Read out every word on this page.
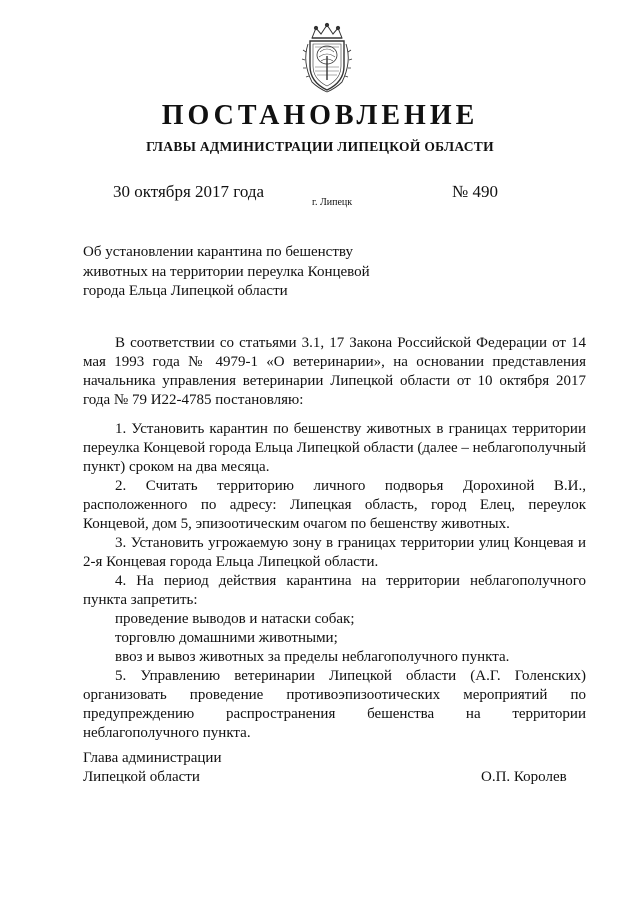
ПОСТАНОВЛЕНИЕ
ГЛАВЫ АДМИНИСТРАЦИИ ЛИПЕЦКОЙ ОБЛАСТИ
30 октября 2017 года
г. Липецк
№ 490
Об установлении карантина по бешенству
животных на территории переулка Концевой
города Ельца Липецкой области

В соответствии со статьями 3.1, 17 Закона Российской Федерации от 14 мая 1993 года № 4979-1 «О ветеринарии», на основании представления начальника управления ветеринарии Липецкой области от 10 октября 2017 года № 79 И22-4785 постановляю:

1. Установить карантин по бешенству животных в границах территории переулка Концевой города Ельца Липецкой области (далее – неблагополучный пункт) сроком на два месяца.

2. Считать территорию личного подворья Дорохиной В.И., расположенного по адресу: Липецкая область, город Елец, переулок Концевой, дом 5, эпизоотическим очагом по бешенству животных.

3. Установить угрожаемую зону в границах территории улиц Концевая и 2-я Концевая города Ельца Липецкой области.

4. На период действия карантина на территории неблагополучного пункта запретить:

проведение выводов и натаски собак;

торговлю домашними животными;

ввоз и вывоз животных за пределы неблагополучного пункта.

5. Управлению ветеринарии Липецкой области (А.Г. Голенских) организовать проведение противоэпизоотических мероприятий по предупреждению распространения бешенства на территории неблагополучного пункта.

Глава администрации
Липецкой области	О.П. Королев
